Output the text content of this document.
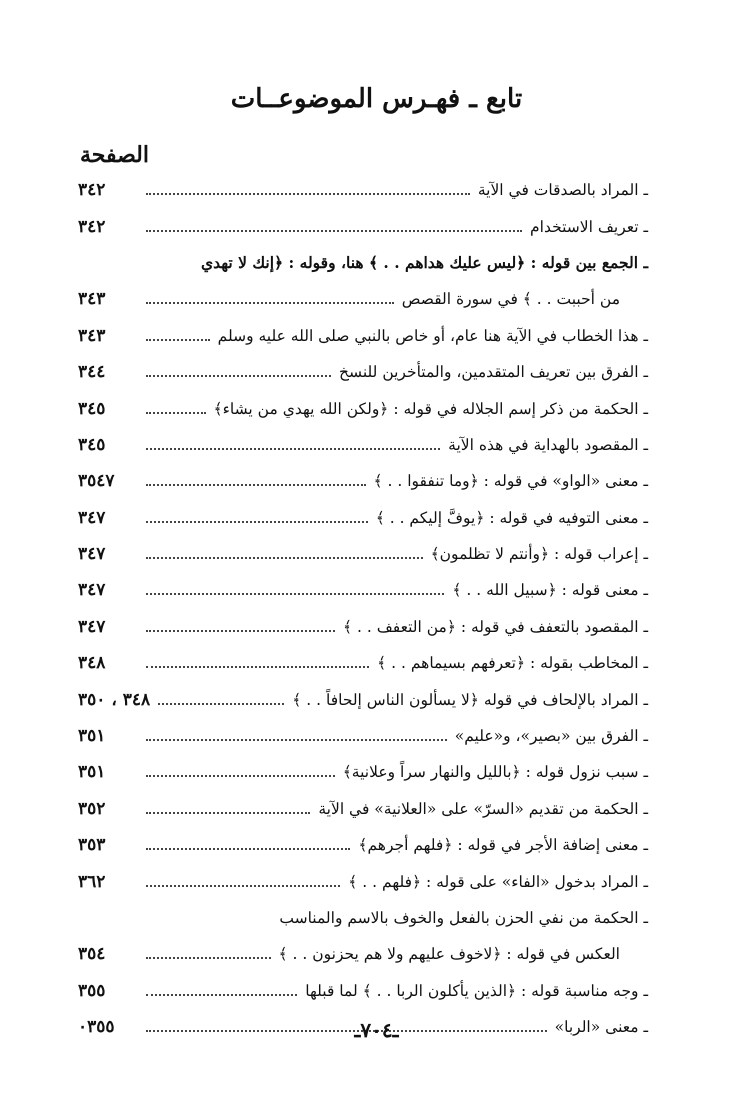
تابع ـ فهـرس الموضوعــات
الصفحة
ـ المراد بالصدقات في الآية
٣٤٢
ـ تعريف الاستخدام
٣٤٢
ـ الجمع بين قوله : ﴿ليس عليك هداهم . . ﴾ هنا، وقوله : ﴿إنك لا تهدي
من أحببت . . ﴾ في سورة القصص
٣٤٣
ـ هذا الخطاب في الآية هنا عام، أو خاص بالنبي صلى الله عليه وسلم
٣٤٣
ـ الفرق بين تعريف المتقدمين، والمتأخرين للنسخ
٣٤٤
ـ الحكمة من ذكر إسم الجلاله في قوله : ﴿ولكن الله يهدي من يشاء﴾
٣٤٥
ـ المقصود بالهداية في هذه الآية
٣٤٥
ـ معنى «الواو» في قوله : ﴿وما تنفقوا . . ﴾
٣٥٤٧
ـ معنى التوفيه في قوله : ﴿يوفَّ إليكم . . ﴾
٣٤٧
ـ إعراب قوله : ﴿وأنتم لا تظلمون﴾
٣٤٧
ـ معنى قوله : ﴿سبيل الله . . ﴾
٣٤٧
ـ المقصود بالتعفف في قوله : ﴿من التعفف . . ﴾
٣٤٧
ـ المخاطب بقوله : ﴿تعرفهم بسيماهم . . ﴾
٣٤٨
ـ المراد بالإلحاف في قوله ﴿لا يسألون الناس إلحافاً . . ﴾
٣٤٨ ، ٣٥٠
ـ الفرق بين «بصير»، و«عليم»
٣٥١
ـ سبب نزول قوله : ﴿بالليل والنهار سراً وعلانية﴾
٣٥١
ـ الحكمة من تقديم «السرّ» على «العلانية» في الآية
٣٥٢
ـ معنى إضافة الأجر في قوله : ﴿فلهم أجرهم﴾
٣٥٣
ـ المراد بدخول «الفاء» على قوله : ﴿فلهم . . ﴾
٣٦٢
ـ الحكمة من نفي الحزن بالفعل والخوف بالاسم والمناسب
العكس في قوله : ﴿لاخوف عليهم ولا هم يحزنون . . ﴾
٣٥٤
ـ وجه مناسبة قوله : ﴿الذين يأكلون الربا . . ﴾ لما قبلها
٣٥٥
ـ معنى «الربا»
٠٣٥٥	ـ٧٠٤ـ
